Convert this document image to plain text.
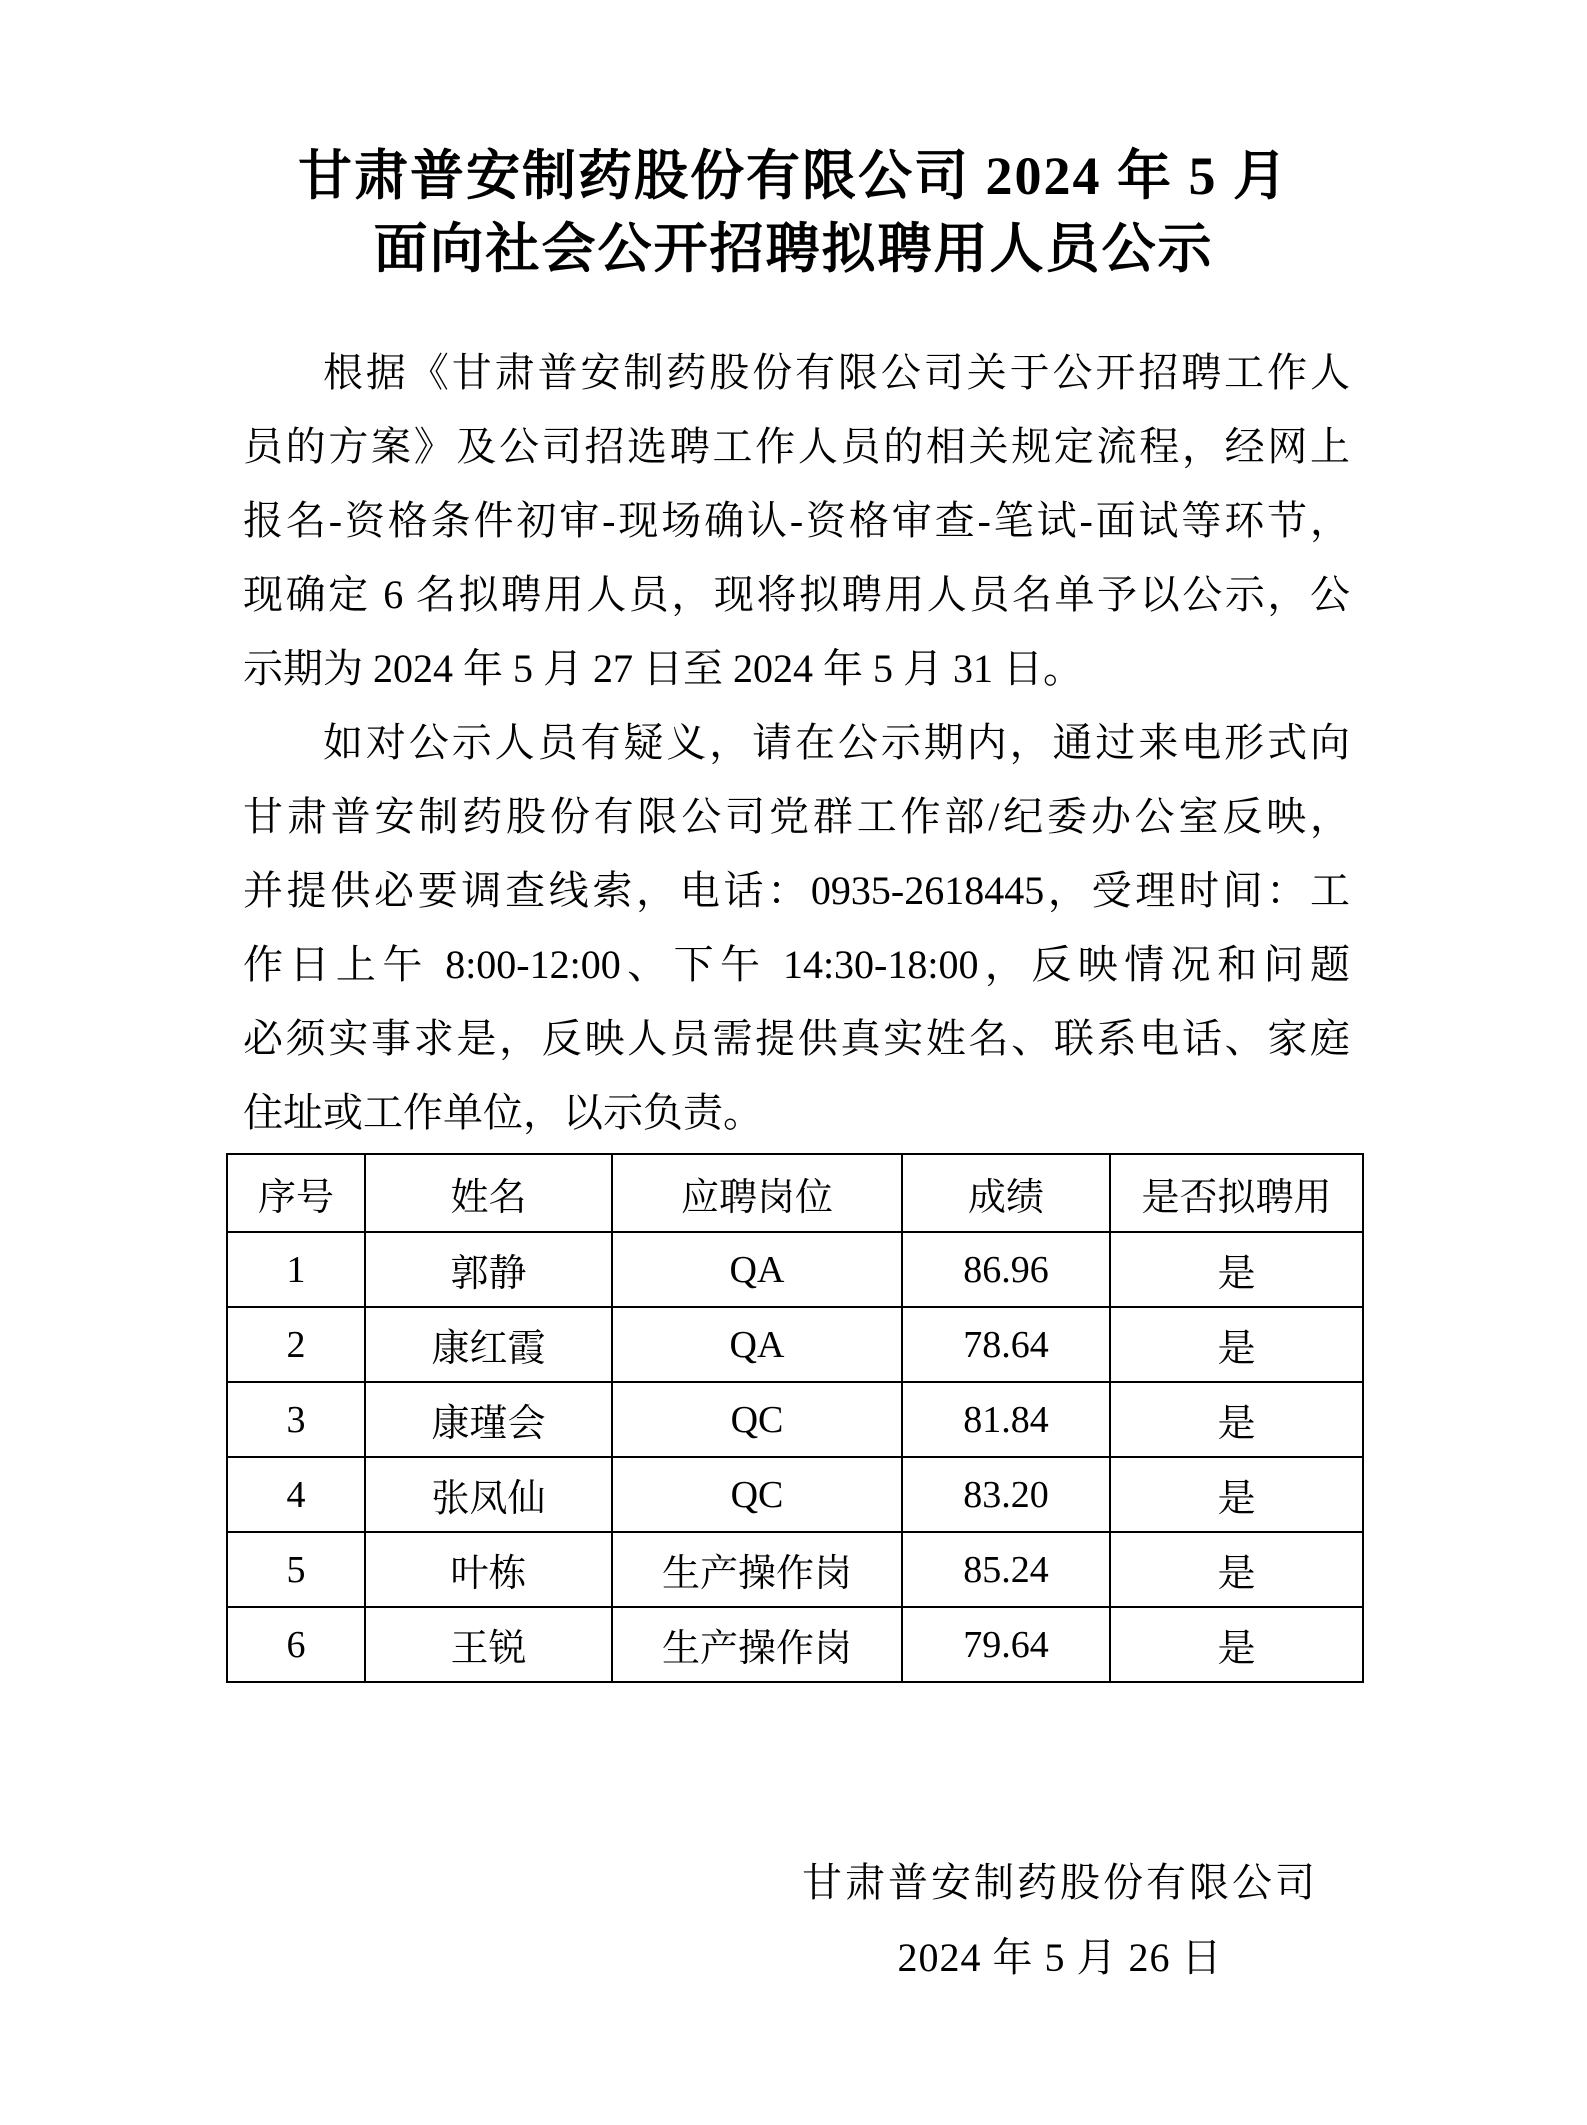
甘肃普安制药股份有限公司 2024 年 5 月
面向社会公开招聘拟聘用人员公示
根据《甘肃普安制药股份有限公司关于公开招聘工作人
员的方案》及公司招选聘工作人员的相关规定流程，经网上
报名-资格条件初审-现场确认-资格审查-笔试-面试等环节，
现确定 6 名拟聘用人员，现将拟聘用人员名单予以公示，公
示期为 2024 年 5 月 27 日至 2024 年 5 月 31 日。
如对公示人员有疑义，请在公示期内，通过来电形式向
甘肃普安制药股份有限公司党群工作部/纪委办公室反映，
并提供必要调查线索，电话：0935-2618445，受理时间：工
作日上午 8:00-12:00、下午 14:30-18:00，反映情况和问题
必须实事求是，反映人员需提供真实姓名、联系电话、家庭
住址或工作单位，以示负责。
序号	姓名	应聘岗位	成绩	是否拟聘用
1	郭静	QA	86.96	是
2	康红霞	QA	78.64	是
3	康瑾会	QC	81.84	是
4	张凤仙	QC	83.20	是
5	叶栋	生产操作岗	85.24	是
6	王锐	生产操作岗	79.64	是
甘肃普安制药股份有限公司
2024 年 5 月 26 日
